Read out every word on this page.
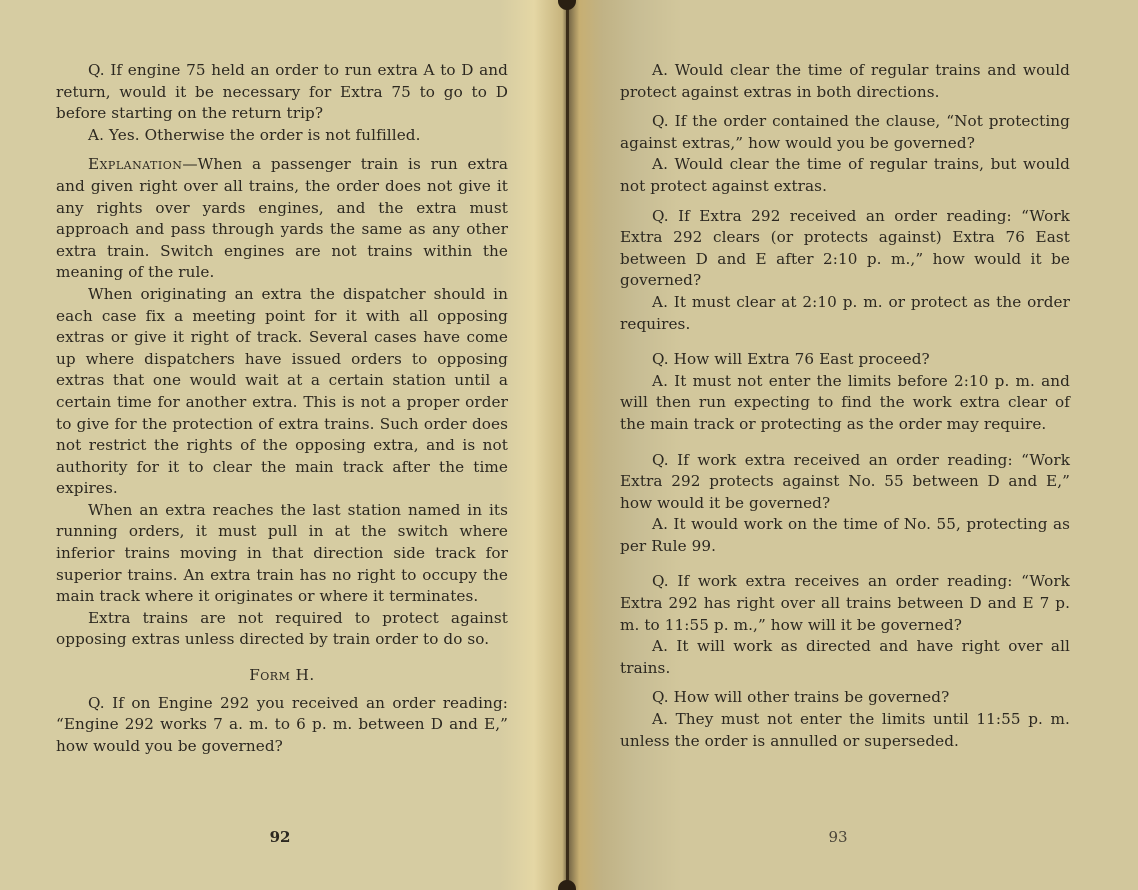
Q. If engine 75 held an order to run extra A to D and return, would it be necessary for Extra 75 to go to D before starting on the return trip?

A. Yes. Otherwise the order is not fulfilled.

Explanation—When a passenger train is run extra and given right over all trains, the order does not give it any rights over yards engines, and the extra must approach and pass through yards the same as any other extra train. Switch engines are not trains within the meaning of the rule.

When originating an extra the dispatcher should in each case fix a meeting point for it with all opposing extras or give it right of track. Several cases have come up where dispatchers have issued orders to opposing extras that one would wait at a certain station until a certain time for another extra. This is not a proper order to give for the protection of extra trains. Such order does not restrict the rights of the opposing extra, and is not authority for it to clear the main track after the time expires.

When an extra reaches the last station named in its running orders, it must pull in at the switch where inferior trains moving in that direction side track for superior trains. An extra train has no right to occupy the main track where it originates or where it terminates.

Extra trains are not required to protect against opposing extras unless directed by train order to do so.

Form H.

Q. If on Engine 292 you received an order reading: “Engine 292 works 7 a. m. to 6 p. m. between D and E,” how would you be governed?

92

A. Would clear the time of regular trains and would protect against extras in both directions.

Q. If the order contained the clause, “Not protecting against extras,” how would you be governed?

A. Would clear the time of regular trains, but would not protect against extras.

Q. If Extra 292 received an order reading: “Work Extra 292 clears (or protects against) Extra 76 East between D and E after 2:10 p. m.,” how would it be governed?

A. It must clear at 2:10 p. m. or protect as the order requires.

Q. How will Extra 76 East proceed?

A. It must not enter the limits before 2:10 p. m. and will then run expecting to find the work extra clear of the main track or protecting as the order may require.

Q. If work extra received an order reading: “Work Extra 292 protects against No. 55 between D and E,” how would it be governed?

A. It would work on the time of No. 55, protecting as per Rule 99.

Q. If work extra receives an order reading: “Work Extra 292 has right over all trains between D and E 7 p. m. to 11:55 p. m.,” how will it be governed?

A. It will work as directed and have right over all trains.

Q. How will other trains be governed?

A. They must not enter the limits until 11:55 p. m. unless the order is annulled or superseded.

93
